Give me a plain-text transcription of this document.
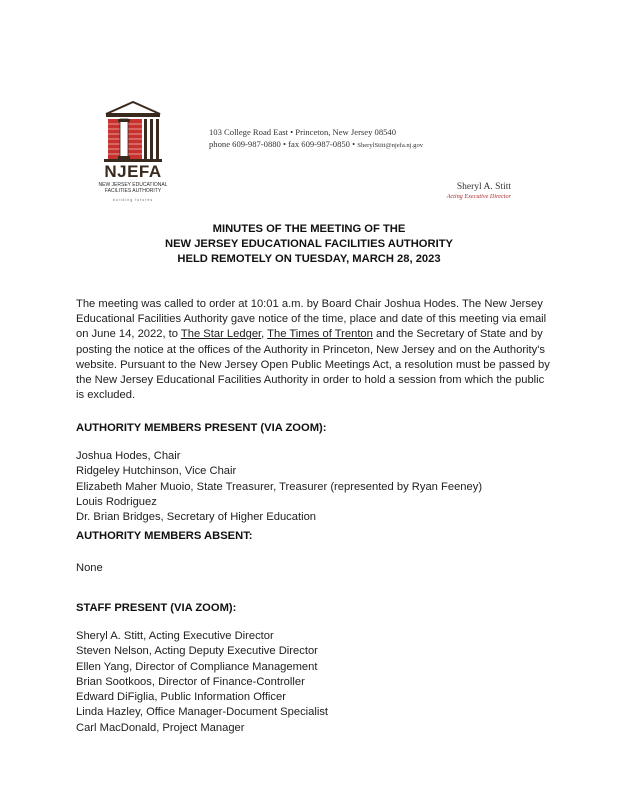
NJEFA
NEW JERSEY EDUCATIONAL FACILITIES AUTHORITY
building futures
103 College Road East • Princeton, New Jersey 08540
phone 609-987-0880 • fax 609-987-0850 • SherylStitt@njefa.nj.gov
Sheryl A. Stitt
Acting Executive Director
MINUTES OF THE MEETING OF THE
NEW JERSEY EDUCATIONAL FACILITIES AUTHORITY
HELD REMOTELY ON TUESDAY, MARCH 28, 2023
The meeting was called to order at 10:01 a.m. by Board Chair Joshua Hodes. The New Jersey Educational Facilities Authority gave notice of the time, place and date of this meeting via email on June 14, 2022, to The Star Ledger, The Times of Trenton and the Secretary of State and by posting the notice at the offices of the Authority in Princeton, New Jersey and on the Authority's website. Pursuant to the New Jersey Open Public Meetings Act, a resolution must be passed by the New Jersey Educational Facilities Authority in order to hold a session from which the public is excluded.
AUTHORITY MEMBERS PRESENT (VIA ZOOM):
Joshua Hodes, Chair
Ridgeley Hutchinson, Vice Chair
Elizabeth Maher Muoio, State Treasurer, Treasurer (represented by Ryan Feeney)
Louis Rodriguez
Dr. Brian Bridges, Secretary of Higher Education
AUTHORITY MEMBERS ABSENT:
None
STAFF PRESENT (VIA ZOOM):
Sheryl A. Stitt, Acting Executive Director
Steven Nelson, Acting Deputy Executive Director
Ellen Yang, Director of Compliance Management
Brian Sootkoos, Director of Finance-Controller
Edward DiFiglia, Public Information Officer
Linda Hazley, Office Manager-Document Specialist
Carl MacDonald, Project Manager
